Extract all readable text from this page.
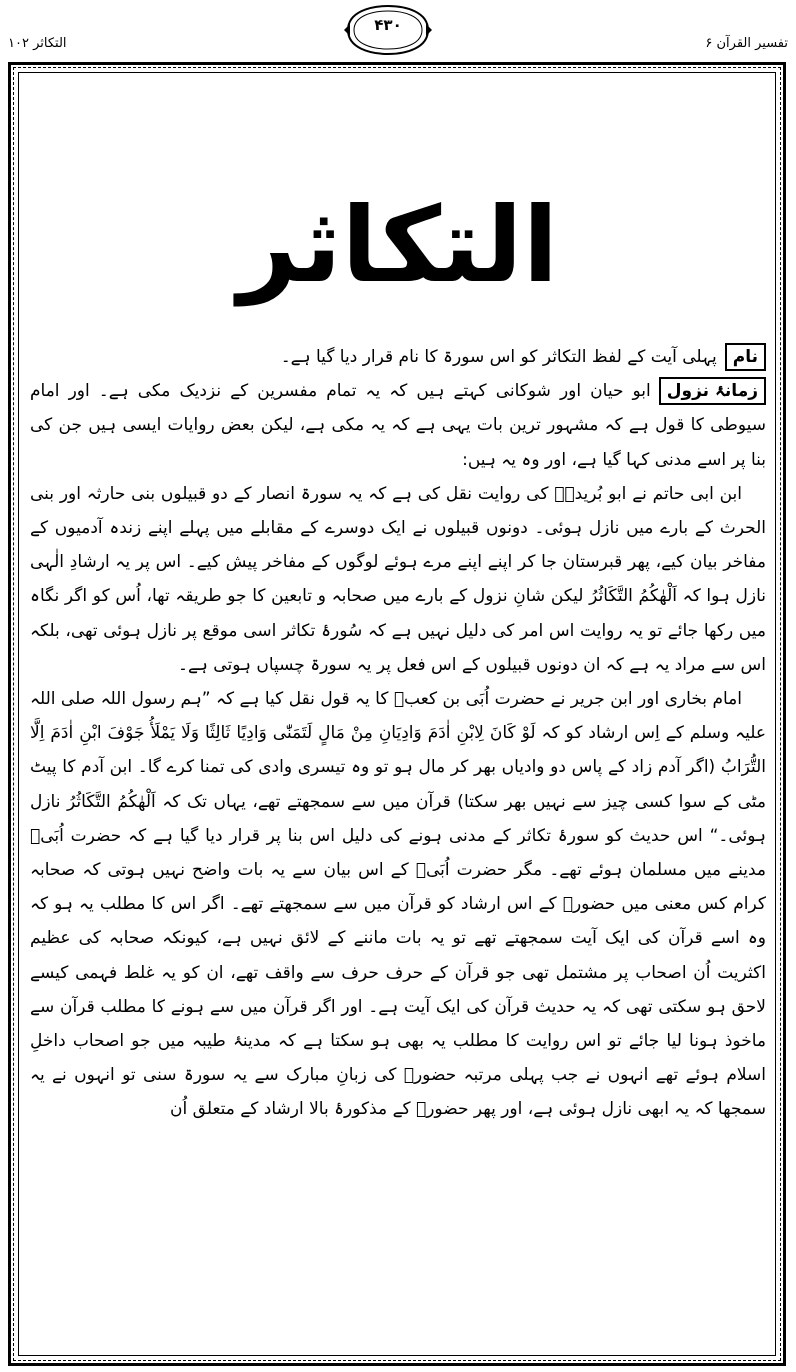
تفسیر القرآن ۶
۴۳۰
التکاثر ۱۰۲
التکاثر

نامپہلی آیت کے لفظ التکاثر کو اس سورۃ کا نام قرار دیا گیا ہے۔

زمانۂ نزولابو حیان اور شوکانی کہتے ہیں کہ یہ تمام مفسرین کے نزدیک مکی ہے۔ اور امام سیوطی کا قول ہے کہ مشہور ترین بات یہی ہے کہ یہ مکی ہے، لیکن بعض روایات ایسی ہیں جن کی بنا پر اسے مدنی کہا گیا ہے، اور وہ یہ ہیں:

ابن ابی حاتم نے ابو بُریدہؓ کی روایت نقل کی ہے کہ یہ سورۃ انصار کے دو قبیلوں بنی حارثہ اور بنی الحرث کے بارے میں نازل ہوئی۔ دونوں قبیلوں نے ایک دوسرے کے مقابلے میں پہلے اپنے زندہ آدمیوں کے مفاخر بیان کیے، پھر قبرستان جا کر اپنے اپنے مرے ہوئے لوگوں کے مفاخر پیش کیے۔ اس پر یہ ارشادِ الٰہی نازل ہوا کہ اَلْھٰکُمُ التَّکَاثُرُ لیکن شانِ نزول کے بارے میں صحابہ و تابعین کا جو طریقہ تھا، اُس کو اگر نگاہ میں رکھا جائے تو یہ روایت اس امر کی دلیل نہیں ہے کہ سُورۂ تکاثر اسی موقع پر نازل ہوئی تھی، بلکہ اس سے مراد یہ ہے کہ ان دونوں قبیلوں کے اس فعل پر یہ سورۃ چسپاں ہوتی ہے۔

امام بخاری اور ابن جریر نے حضرت اُبَی بن کعبؓ کا یہ قول نقل کیا ہے کہ ”ہم رسول اللہ صلی اللہ علیہ وسلم کے اِس ارشاد کو کہ لَوْ کَانَ لِابْنِ اٰدَمَ وَادِیَانِ مِنْ مَالٍ لَتَمَنّٰی وَادِیًا ثَالِثًا وَلَا یَمْلَأُ جَوْفَ ابْنِ اٰدَمَ اِلَّا التُّرَابُ (اگر آدم زاد کے پاس دو وادیاں بھر کر مال ہو تو وہ تیسری وادی کی تمنا کرے گا۔ ابن آدم کا پیٹ مٹی کے سوا کسی چیز سے نہیں بھر سکتا) قرآن میں سے سمجھتے تھے، یہاں تک کہ اَلْھٰکُمُ التَّکَاثُرُ نازل ہوئی۔“ اس حدیث کو سورۂ تکاثر کے مدنی ہونے کی دلیل اس بنا پر قرار دیا گیا ہے کہ حضرت اُبَیؓ مدینے میں مسلمان ہوئے تھے۔ مگر حضرت اُبَیؓ کے اس بیان سے یہ بات واضح نہیں ہوتی کہ صحابہ کرام کس معنی میں حضورؐ کے اس ارشاد کو قرآن میں سے سمجھتے تھے۔ اگر اس کا مطلب یہ ہو کہ وہ اسے قرآن کی ایک آیت سمجھتے تھے تو یہ بات ماننے کے لائق نہیں ہے، کیونکہ صحابہ کی عظیم اکثریت اُن اصحاب پر مشتمل تھی جو قرآن کے حرف حرف سے واقف تھے، ان کو یہ غلط فہمی کیسے لاحق ہو سکتی تھی کہ یہ حدیث قرآن کی ایک آیت ہے۔ اور اگر قرآن میں سے ہونے کا مطلب قرآن سے ماخوذ ہونا لیا جائے تو اس روایت کا مطلب یہ بھی ہو سکتا ہے کہ مدینۂ طیبہ میں جو اصحاب داخلِ اسلام ہوئے تھے انہوں نے جب پہلی مرتبہ حضورؐ کی زبانِ مبارک سے یہ سورۃ سنی تو انہوں نے یہ سمجھا کہ یہ ابھی نازل ہوئی ہے، اور پھر حضورؐ کے مذکورۂ بالا ارشاد کے متعلق اُن
